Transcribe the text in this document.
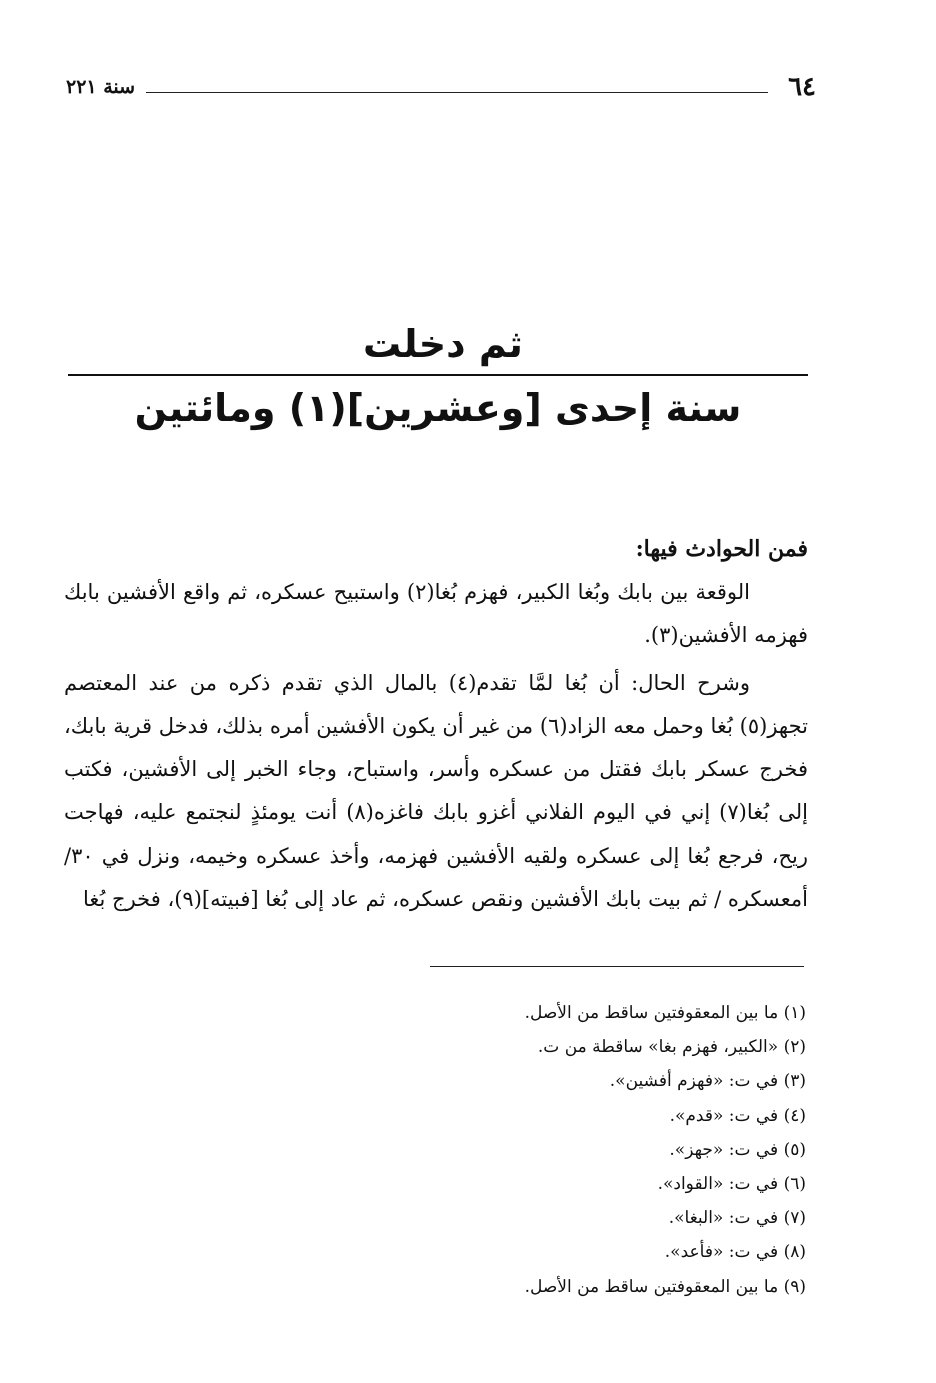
٦٤
سنة ٢٢١
ثم دخلت
سنة إحدى [وعشرين](١) ومائتين

فمن الحوادث فيها:

الوقعة بين بابك وبُغا الكبير، فهزم بُغا(٢) واستبيح عسكره، ثم واقع الأفشين بابك فهزمه الأفشين(٣).

وشرح الحال: أن بُغا لمَّا تقدم(٤) بالمال الذي تقدم ذكره من عند المعتصم تجهز(٥) بُغا وحمل معه الزاد(٦) من غير أن يكون الأفشين أمره بذلك، فدخل قرية بابك، فخرج عسكر بابك فقتل من عسكره وأسر، واستباح، وجاء الخبر إلى الأفشين، فكتب إلى بُغا(٧) إني في اليوم الفلاني أغزو بابك فاغزه(٨) أنت يومئذٍ لنجتمع عليه، فهاجت ريح، فرجع بُغا إلى عسكره ولقيه الأفشين فهزمه، وأخذ عسكره وخيمه، ونزل في ٣٠/أمعسكره / ثم بيت بابك الأفشين ونقص عسكره، ثم عاد إلى بُغا [فبيته](٩)، فخرج بُغا

(١) ما بين المعقوفتين ساقط من الأصل.
(٢) «الكبير، فهزم بغا» ساقطة من ت.
(٣) في ت: «فهزم أفشين».
(٤) في ت: «قدم».
(٥) في ت: «جهز».
(٦) في ت: «القواد».
(٧) في ت: «البغا».
(٨) في ت: «فأعد».
(٩) ما بين المعقوفتين ساقط من الأصل.
